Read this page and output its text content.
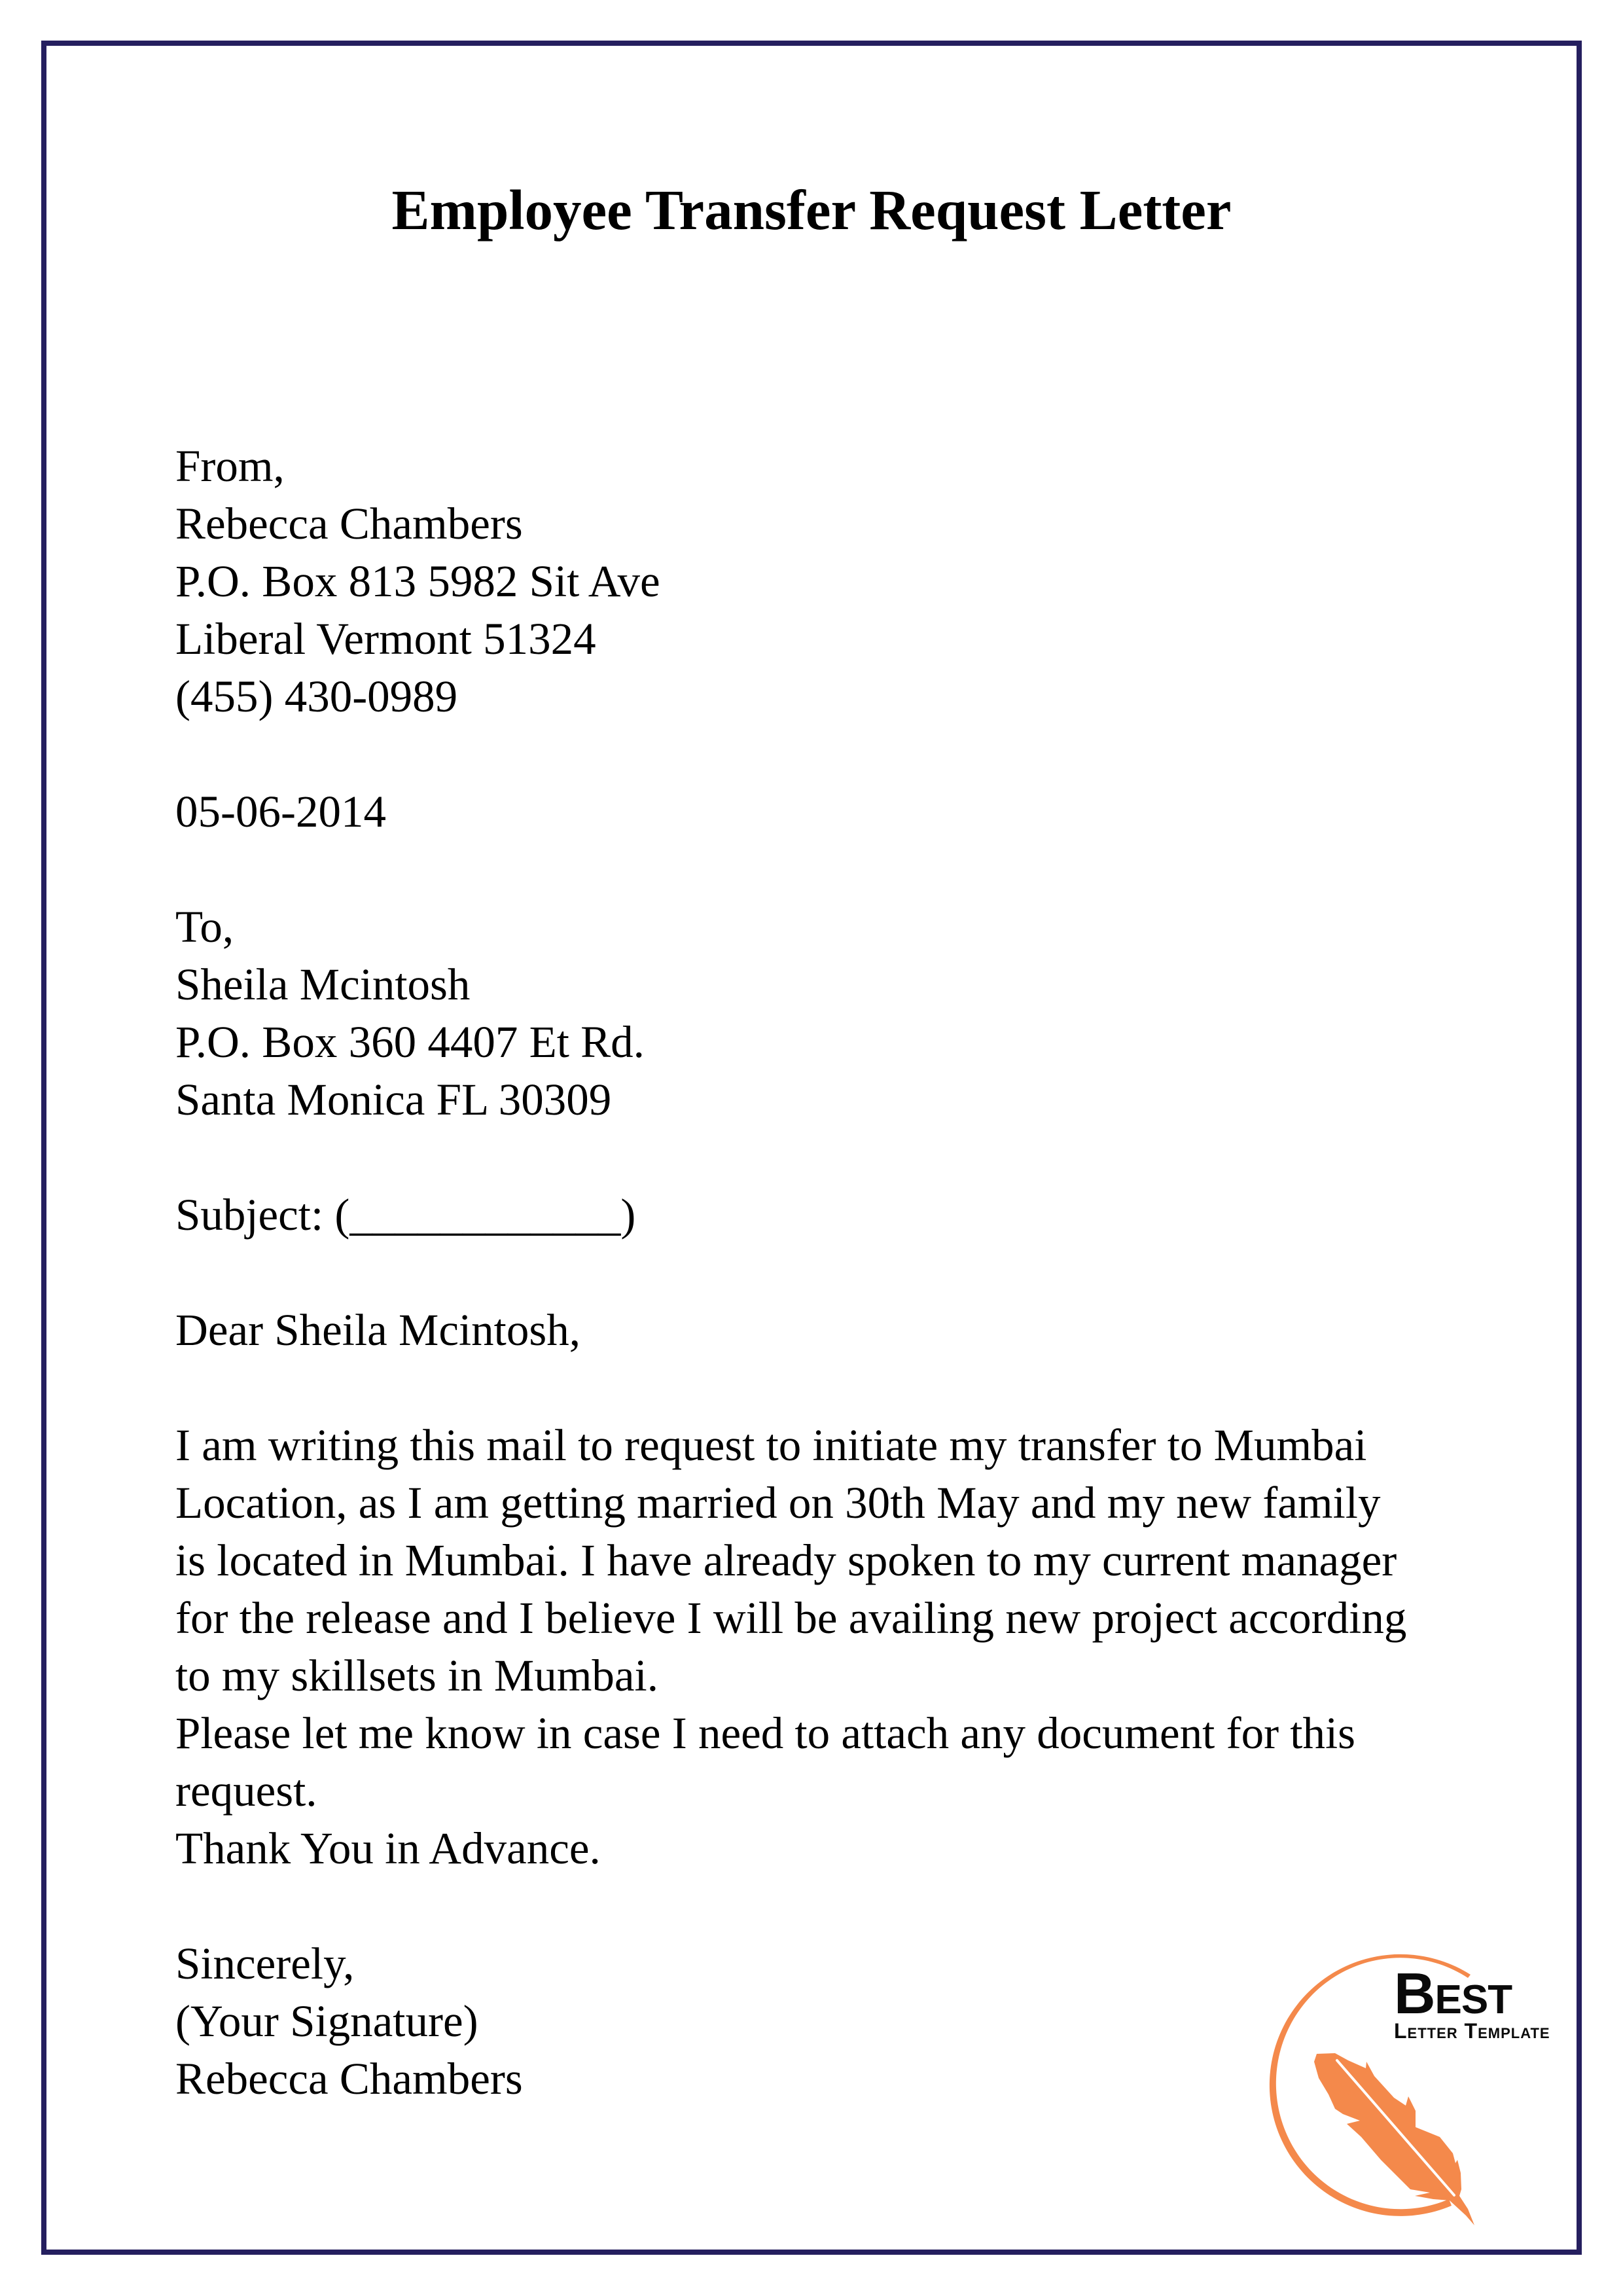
Employee Transfer Request Letter
From,
Rebecca Chambers
P.O. Box 813 5982 Sit Ave
Liberal Vermont 51324
(455) 430-0989
05-06-2014
To,
Sheila Mcintosh
P.O. Box 360 4407 Et Rd.
Santa Monica FL 30309
Subject: (____________)
Dear Sheila Mcintosh,
I am writing this mail to request to initiate my transfer to Mumbai
Location, as I am getting married on 30th May and my new family
is located in Mumbai. I have already spoken to my current manager
for the release and I believe I will be availing new project according
to my skillsets in Mumbai.
Please let me know in case I need to attach any document for this
request.
Thank You in Advance.
Sincerely,
(Your Signature)
Rebecca Chambers
Best
Letter Template
